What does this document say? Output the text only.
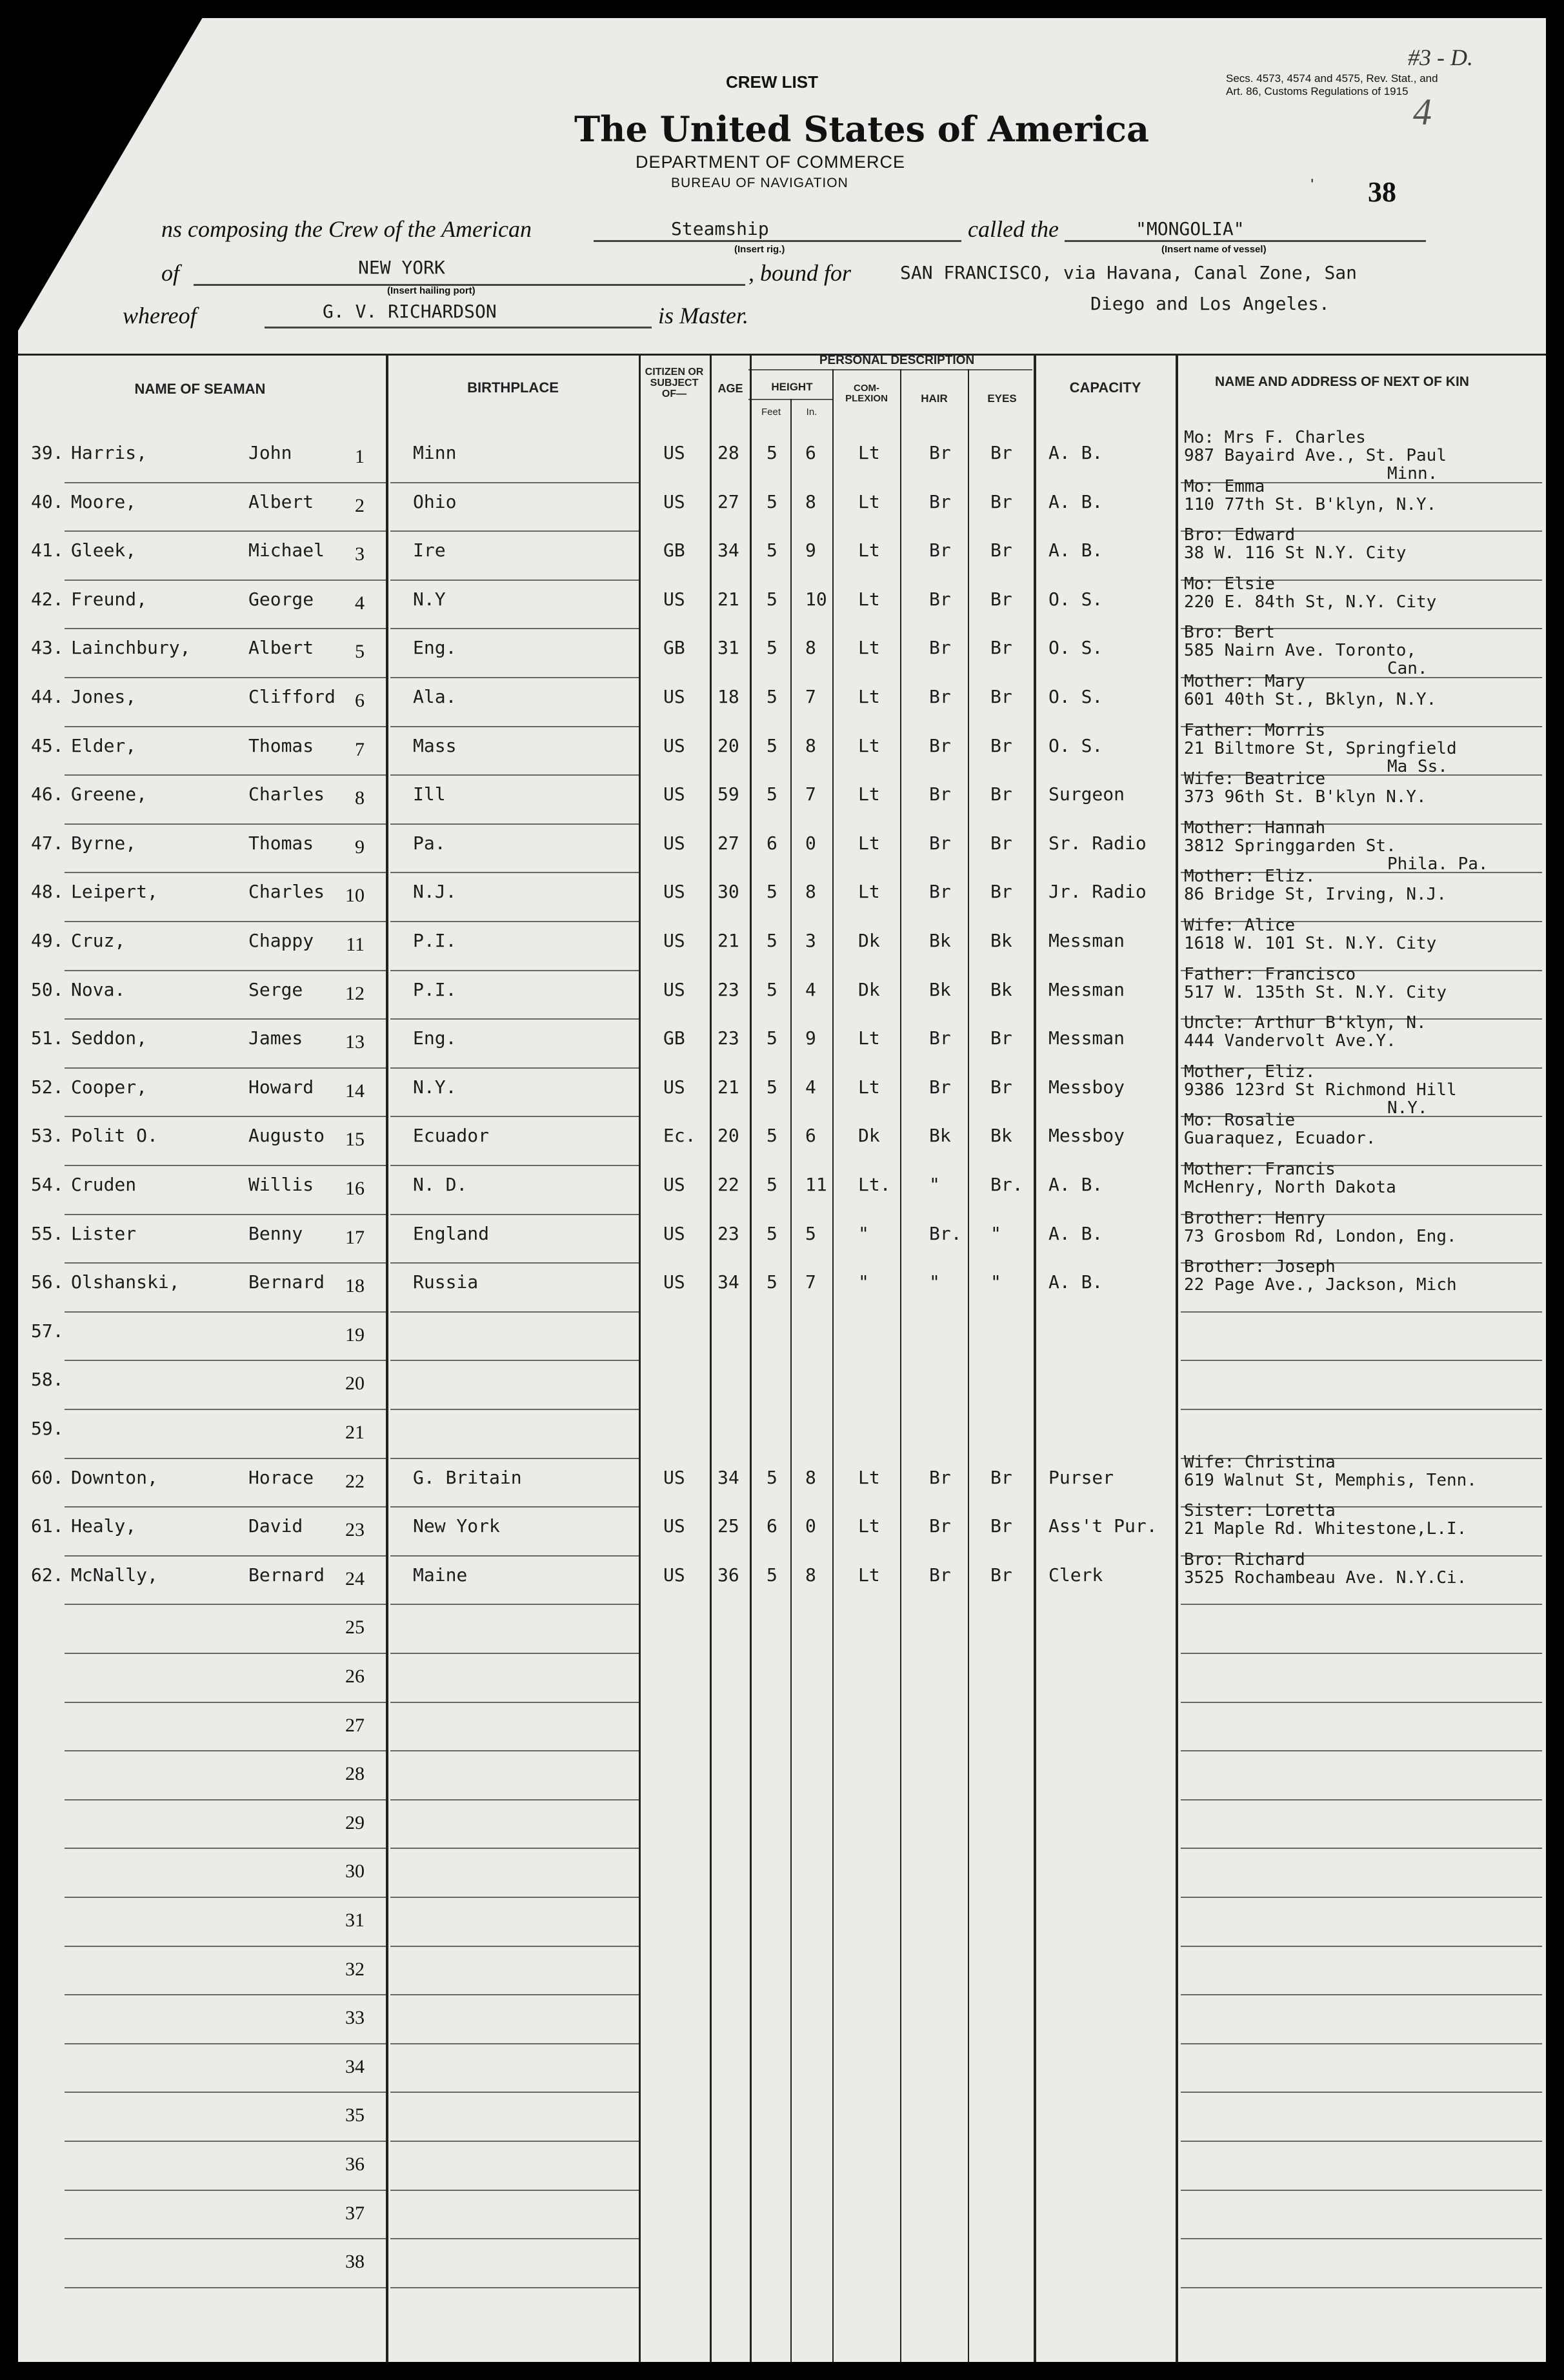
CREW LIST	Secs. 4573, 4574 and 4575, Rev. Stat., and
Art. 86, Customs Regulations of 1915
#3 - D.
4
The United States of America
DEPARTMENT OF COMMERCE
BUREAU OF NAVIGATION	ˈ 38
ns composing the Crew of the American	Steamship
(Insert rig.)
called the	"MONGOLIA"
(Insert name of vessel)
of	NEW YORK
(Insert hailing port)
, bound for	SAN FRANCISCO, via Havana, Canal Zone, San
Diego and Los Angeles.
whereof	G. V. RICHARDSON	is Master.
NAME OF SEAMAN	BIRTHPLACE
CITIZEN OR SUBJECT OF—	AGE
PERSONAL DESCRIPTION
HEIGHT
Feet	In.
COM-PLEXION	HAIR	EYES
CAPACITY	NAME AND ADDRESS OF NEXT OF KIN
39. Harris,	John	Minn	US 28 5 6 Lt	Br Br A. B.
1
Mo: Mrs F. Charles
987 Bayaird Ave., St. Paul
Minn.
40. Moore,	Albert	Ohio	US 27 5 8 Lt	Br Br A. B.
2
Mo: Emma
110 77th St. B'klyn, N.Y.
41. Gleek,	Michael	Ire	GB 34 5 9 Lt	Br Br A. B.
3
Bro: Edward
38 W. 116 St N.Y. City
42. Freund,	George	N.Y	US 21 5 10 Lt	Br Br O. S.
4
Mo: Elsie
220 E. 84th St, N.Y. City
43. Lainchbury,	Albert	Eng.	GB 31 5 8 Lt	Br Br O. S.
5
Bro: Bert
585 Nairn Ave. Toronto,
Can.
44. Jones,	Clifford	Ala.	US 18 5 7 Lt	Br Br O. S.
6
Mother: Mary
601 40th St., Bklyn, N.Y.
45. Elder,	Thomas	Mass	US 20 5 8 Lt	Br Br O. S.
7
Father: Morris
21 Biltmore St, Springfield
Ma Ss.
46. Greene,	Charles	Ill	US 59 5 7 Lt	Br Br Surgeon
8
Wife: Beatrice
373 96th St. B'klyn N.Y.
47. Byrne,	Thomas	Pa.	US 27 6 0 Lt	Br Br Sr. Radio
9
Mother: Hannah
3812 Springgarden St.
Phila. Pa.
48. Leipert,	Charles	N.J.	US 30 5 8 Lt	Br Br Jr. Radio
10
Mother: Eliz.
86 Bridge St, Irving, N.J.
49. Cruz,	Chappy	P.I.	US 21 5 3 Dk	Bk Bk Messman
11
Wife: Alice
1618 W. 101 St. N.Y. City
50. Nova.	Serge	P.I.	US 23 5 4 Dk	Bk Bk Messman
12
Father: Francisco
517 W. 135th St. N.Y. City
51. Seddon,	James	Eng.	GB 23 5 9 Lt	Br Br Messman
13
Uncle: Arthur B'klyn, N.
444 Vandervolt Ave.Y.
52. Cooper,	Howard	N.Y.	US 21 5 4 Lt	Br Br Messboy
14
Mother, Eliz.
9386 123rd St Richmond Hill
N.Y.
53. Polit O.	Augusto	Ecuador	Ec. 20 5 6 Dk	Bk Bk Messboy
15
Mo: Rosalie
Guaraquez, Ecuador.
54. Cruden	Willis	N. D.	US 22 5 11 Lt. "	Br. A. B.
16
Mother: Francis
McHenry, North Dakota
55. Lister	Benny	England	US 23 5 5 "	Br. "	A. B.
17
Brother: Henry
73 Grosbom Rd, London, Eng.
56. Olshanski,	Bernard	Russia	US 34 5 7 "	"	"	A. B.
18
Brother: Joseph
22 Page Ave., Jackson, Mich
57.	19
58.	20
59.	21
60. Downton,	Horace	G. Britain	US 34 5 8 Lt	Br Br Purser
22
Wife: Christina
619 Walnut St, Memphis, Tenn.
61. Healy,	David	New York	US 25 6 0 Lt	Br Br Ass't Pur.
23
Sister: Loretta
21 Maple Rd. Whitestone,L.I.
62. McNally,	Bernard	Maine	US 36 5 8 Lt	Br Br Clerk
24
Bro: Richard
3525 Rochambeau Ave. N.Y.Ci.
25
26
27
28
29
30
31
32
33
34
35
36
37
38
